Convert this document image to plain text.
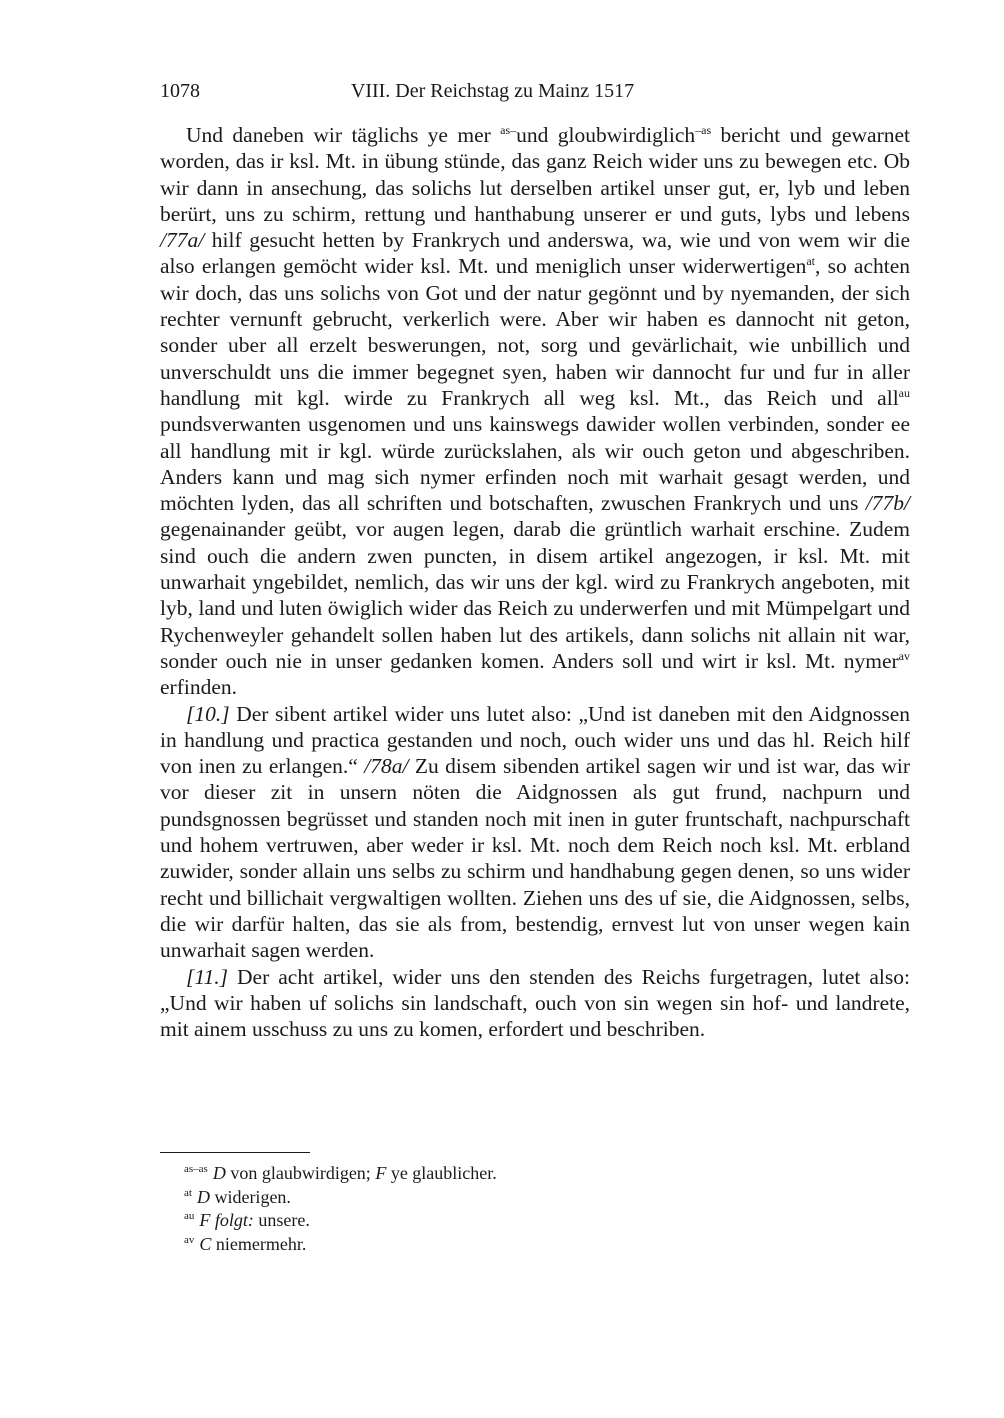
1078	VIII. Der Reichstag zu Mainz 1517

Und daneben wir täglichs ye mer $^{as-}$und gloubwirdiglich$^{-as}$ bericht und gewarnet worden, das ir ksl. Mt. in übung stünde, das ganz Reich wider uns zu bewegen etc. Ob wir dann in ansechung, das solichs lut derselben artikel unser gut, er, lyb und leben berürt, uns zu schirm, rettung und hanthabung unserer er und guts, lybs und lebens /77a/ hilf gesucht hetten by Frankrych und anderswa, wa, wie und von wem wir die also erlangen gemöcht wider ksl. Mt. und meniglich unser widerwertigen$^{at}$, so achten wir doch, das uns solichs von Got und der natur gegönnt und by nyemanden, der sich rechter vernunft gebrucht, verkerlich were. Aber wir haben es dannocht nit geton, sonder uber all erzelt beswerungen, not, sorg und gevärlichait, wie unbillich und unverschuldt uns die immer begegnet syen, haben wir dannocht fur und fur in aller handlung mit kgl. wirde zu Frankrych all weg ksl. Mt., das Reich und all$^{au}$ pundsverwanten usgenomen und uns kainswegs dawider wollen verbinden, sonder ee all handlung mit ir kgl. würde zurückslahen, als wir ouch geton und abgeschriben. Anders kann und mag sich nymer erfinden noch mit warhait gesagt werden, und möchten lyden, das all schriften und botschaften, zwuschen Frankrych und uns /77b/ gegenainander geübt, vor augen legen, darab die grüntlich warhait erschine. Zudem sind ouch die andern zwen puncten, in disem artikel angezogen, ir ksl. Mt. mit unwarhait yngebildet, nemlich, das wir uns der kgl. wird zu Frankrych angeboten, mit lyb, land und luten öwiglich wider das Reich zu underwerfen und mit Mümpelgart und Rychenweyler gehandelt sollen haben lut des artikels, dann solichs nit allain nit war, sonder ouch nie in unser gedanken komen. Anders soll und wirt ir ksl. Mt. nymer$^{av}$ erfinden.

[10.] Der sibent artikel wider uns lutet also: „Und ist daneben mit den Aidgnossen in handlung und practica gestanden und noch, ouch wider uns und das hl. Reich hilf von inen zu erlangen.“ /78a/ Zu disem sibenden artikel sagen wir und ist war, das wir vor dieser zit in unsern nöten die Aidgnossen als gut frund, nachpurn und pundsgnossen begrüsset und standen noch mit inen in guter fruntschaft, nachpurschaft und hohem vertruwen, aber weder ir ksl. Mt. noch dem Reich noch ksl. Mt. erbland zuwider, sonder allain uns selbs zu schirm und handhabung gegen denen, so uns wider recht und billichait vergwaltigen wollten. Ziehen uns des uf sie, die Aidgnossen, selbs, die wir darfür halten, das sie als from, bestendig, ernvest lut von unser wegen kain unwarhait sagen werden.

[11.] Der acht artikel, wider uns den stenden des Reichs furgetragen, lutet also: „Und wir haben uf solichs sin landschaft, ouch von sin wegen sin hof- und landrete, mit ainem usschuss zu uns zu komen, erfordert und beschriben.

$^{as-as}$ D von glaubwirdigen; F ye glaublicher.
$^{at}$ D widerigen.
$^{au}$ F folgt: unsere.
$^{av}$ C niemermehr.
